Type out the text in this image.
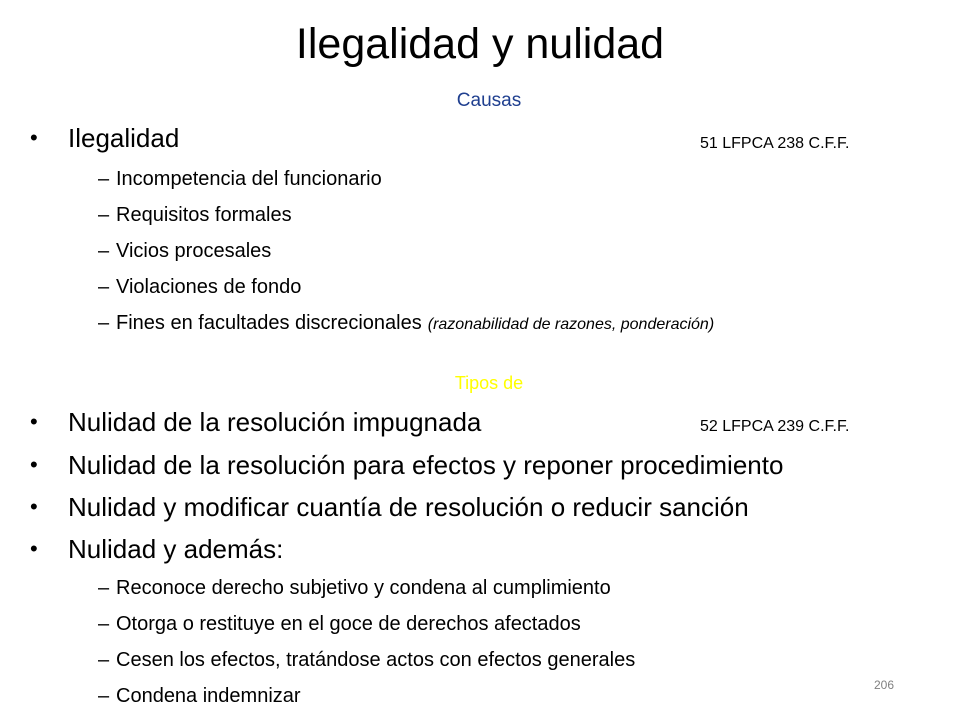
Ilegalidad y nulidad
Causas
• Ilegalidad	51 LFPCA 238 C.F.F.
– Incompetencia del funcionario
– Requisitos formales
– Vicios procesales
– Violaciones de fondo
– Fines en facultades discrecionales (razonabilidad de razones, ponderación)
Tipos de
• Nulidad de la resolución impugnada	52 LFPCA 239 C.F.F.
• Nulidad de la resolución para efectos y reponer procedimiento
• Nulidad y modificar cuantía de resolución o reducir sanción
• Nulidad y además:
– Reconoce derecho subjetivo y condena al cumplimiento
– Otorga o restituye en el goce de derechos afectados
– Cesen los efectos, tratándose actos con efectos generales
– Condena indemnizar	206
